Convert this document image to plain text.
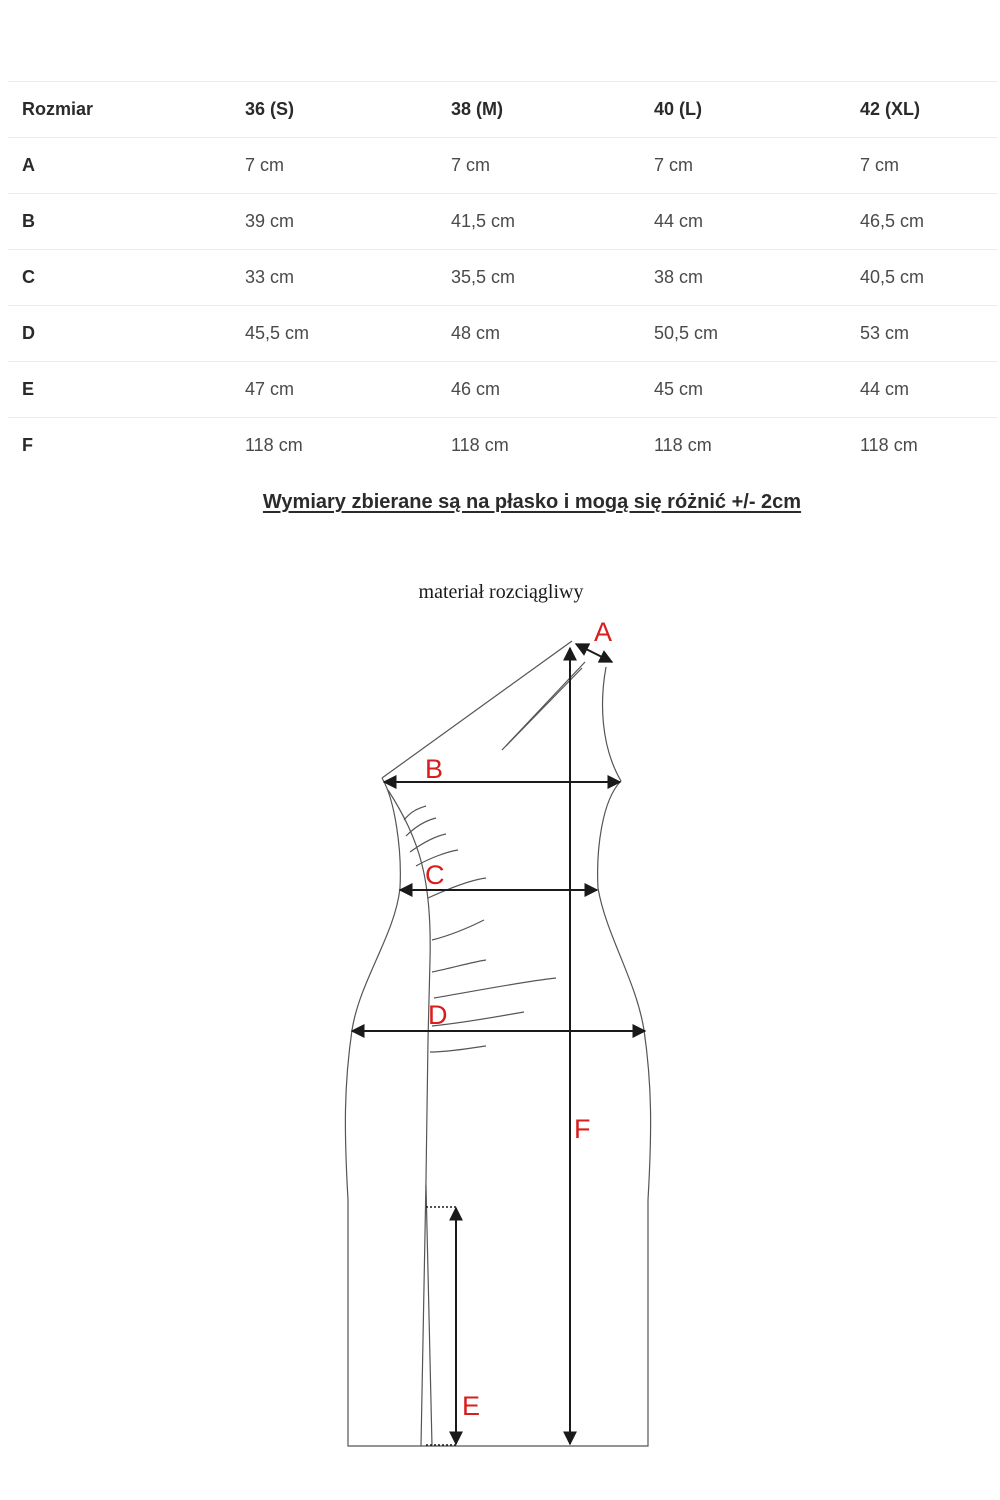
Rozmiar	36 (S)	38 (M)	40 (L)	42 (XL)
A	7 cm	7 cm	7 cm	7 cm
B	39 cm	41,5 cm	44 cm	46,5 cm
C	33 cm	35,5 cm	38 cm	40,5 cm
D	45,5 cm	48 cm	50,5 cm	53 cm
E	47 cm	46 cm	45 cm	44 cm
F	118 cm	118 cm	118 cm	118 cm
Wymiary zbierane są na płasko i mogą się różnić +/- 2cm
materiał rozciągliwy
A
B
C
D
F
E
